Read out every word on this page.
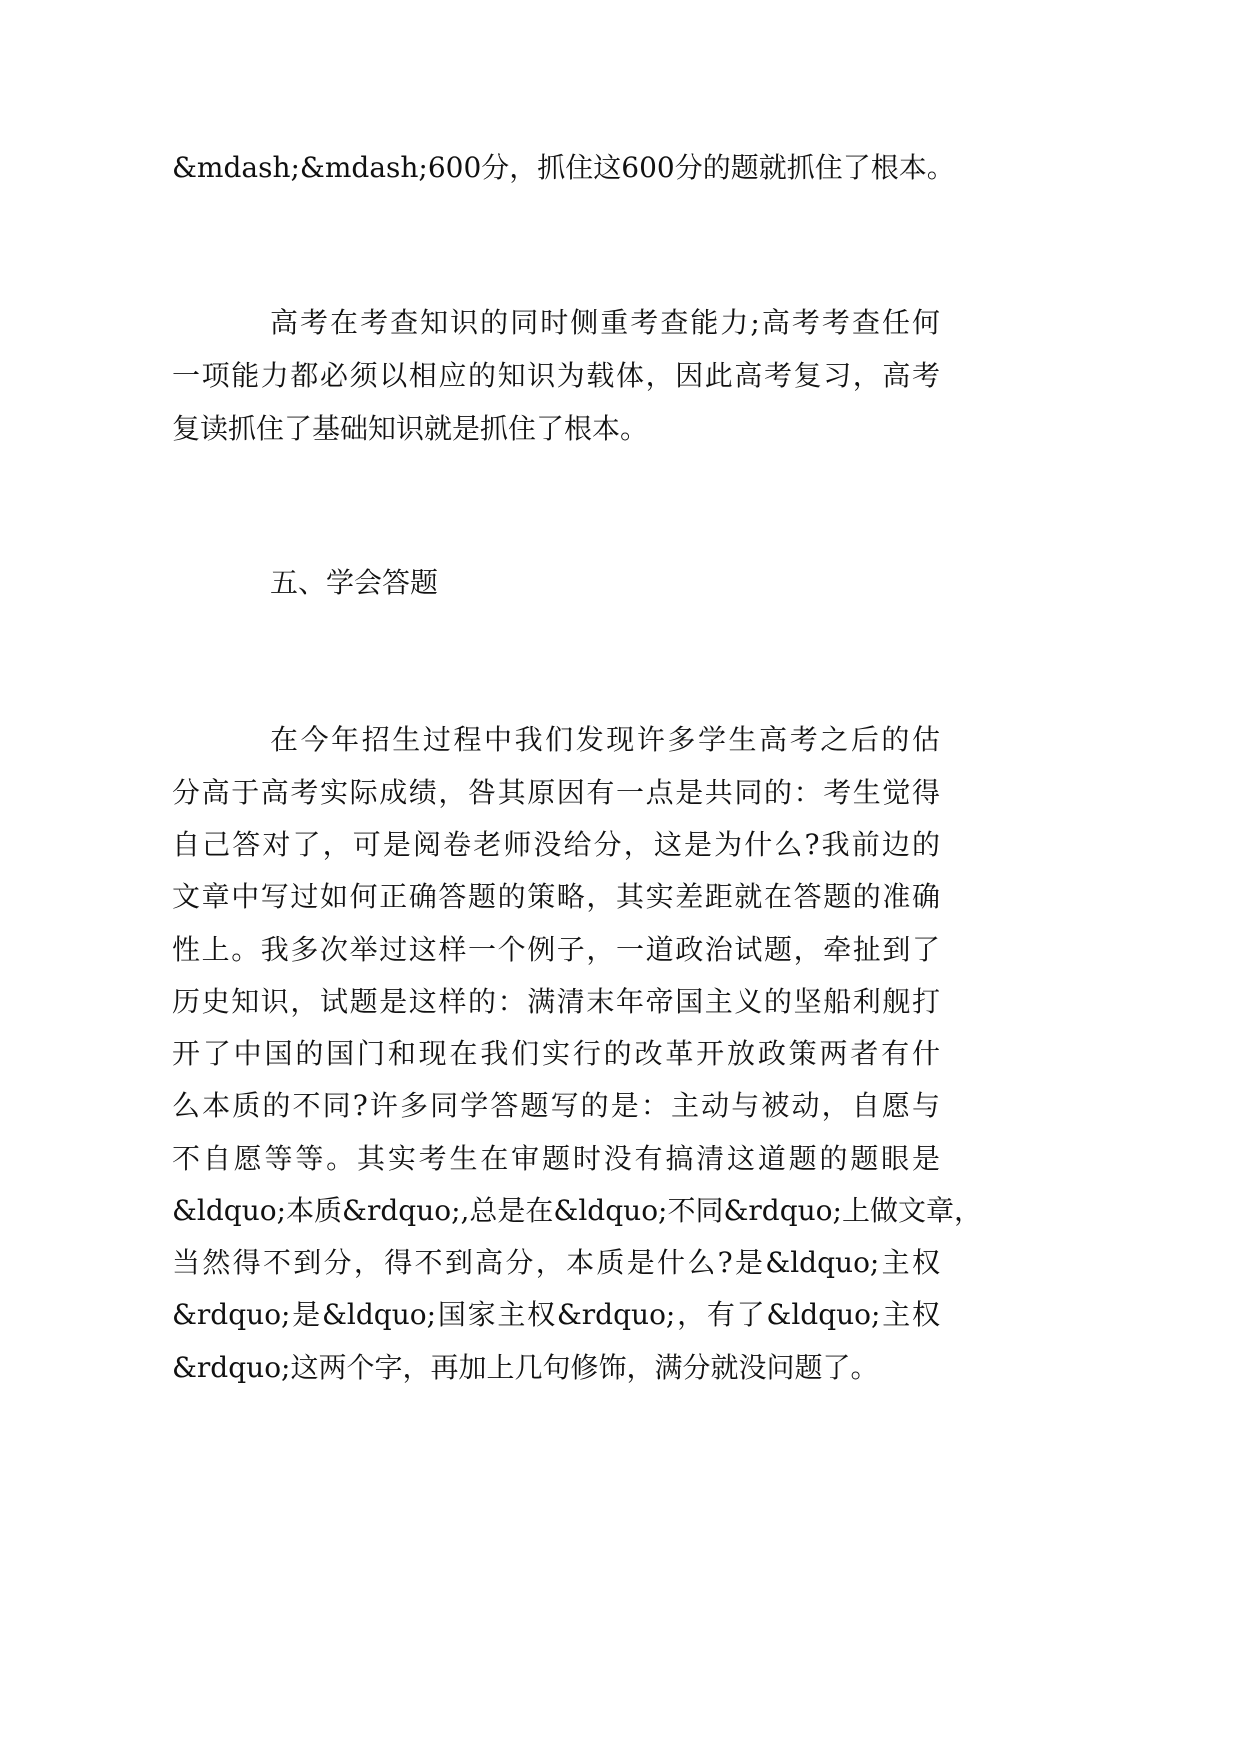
&mdash;&mdash;600分，抓住这600分的题就抓住了根本。
高考在考查知识的同时侧重考查能力;高考考查任何
一项能力都必须以相应的知识为载体，因此高考复习，高考
复读抓住了基础知识就是抓住了根本。
五、学会答题
在今年招生过程中我们发现许多学生高考之后的估
分高于高考实际成绩，咎其原因有一点是共同的：考生觉得
自己答对了，可是阅卷老师没给分，这是为什么?我前边的
文章中写过如何正确答题的策略，其实差距就在答题的准确
性上。我多次举过这样一个例子，一道政治试题，牵扯到了
历史知识，试题是这样的：满清末年帝国主义的坚船利舰打
开了中国的国门和现在我们实行的改革开放政策两者有什
么本质的不同?许多同学答题写的是：主动与被动，自愿与
不自愿等等。其实考生在审题时没有搞清这道题的题眼是
&ldquo;本质&rdquo;,总是在&ldquo;不同&rdquo;上做文章，
当然得不到分，得不到高分，本质是什么?是&ldquo;主权
&rdquo;是&ldquo;国家主权&rdquo;，有了&ldquo;主权
&rdquo;这两个字，再加上几句修饰，满分就没问题了。
